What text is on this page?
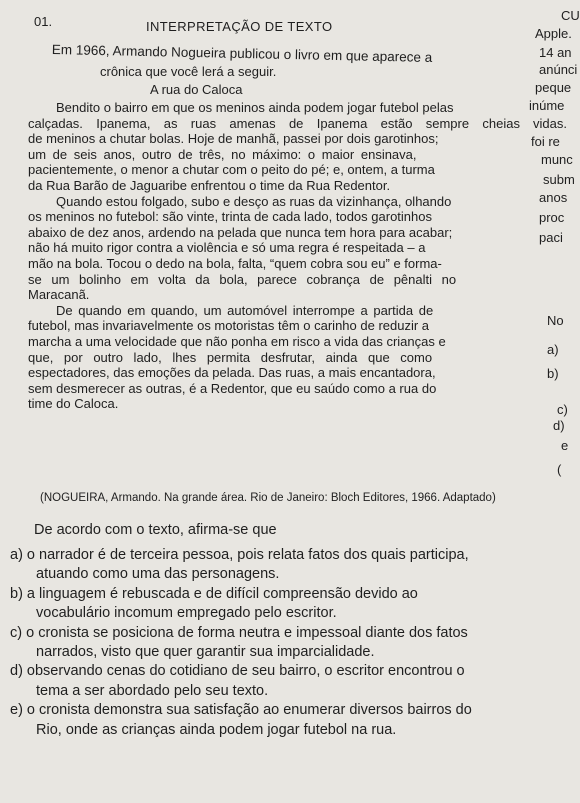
01.	INTERPRETAÇÃO DE TEXTO
Em 1966, Armando Nogueira publicou o livro em que aparece a
crônica que você lerá a seguir.
A rua do Caloca
Bendito o bairro em que os meninos ainda podem jogar futebol pelas
calçadas. Ipanema, as ruas amenas de Ipanema estão sempre cheias
de meninos a chutar bolas. Hoje de manhã, passei por dois garotinhos;
um de seis anos, outro de três, no máximo: o maior ensinava,
pacientemente, o menor a chutar com o peito do pé; e, ontem, a turma
da Rua Barão de Jaguaribe enfrentou o time da Rua Redentor.
Quando estou folgado, subo e desço as ruas da vizinhança, olhando
os meninos no futebol: são vinte, trinta de cada lado, todos garotinhos
abaixo de dez anos, ardendo na pelada que nunca tem hora para acabar;
não há muito rigor contra a violência e só uma regra é respeitada – a
mão na bola. Tocou o dedo na bola, falta, “quem cobra sou eu” e forma-
se um bolinho em volta da bola, parece cobrança de pênalti no
Maracanã.
De quando em quando, um automóvel interrompe a partida de
futebol, mas invariavelmente os motoristas têm o carinho de reduzir a
marcha a uma velocidade que não ponha em risco a vida das crianças e
que, por outro lado, lhes permita desfrutar, ainda que como
espectadores, das emoções da pelada. Das ruas, a mais encantadora,
sem desmerecer as outras, é a Redentor, que eu saúdo como a rua do
time do Caloca.
(NOGUEIRA, Armando. Na grande área. Rio de Janeiro: Bloch Editores, 1966. Adaptado)
De acordo com o texto, afirma-se que
a) o narrador é de terceira pessoa, pois relata fatos dos quais participa,
atuando como uma das personagens.
b) a linguagem é rebuscada e de difícil compreensão devido ao
vocabulário incomum empregado pelo escritor.
c) o cronista se posiciona de forma neutra e impessoal diante dos fatos
narrados, visto que quer garantir sua imparcialidade.
d) observando cenas do cotidiano de seu bairro, o escritor encontrou o
tema a ser abordado pelo seu texto.
e) o cronista demonstra sua satisfação ao enumerar diversos bairros do
Rio, onde as crianças ainda podem jogar futebol na rua.
CU
Apple.
14 an
anúnci
peque
inúme
vidas.
foi re
munc
subm
anos
proc
paci
No
a)
b)
c)
d)
e
(
